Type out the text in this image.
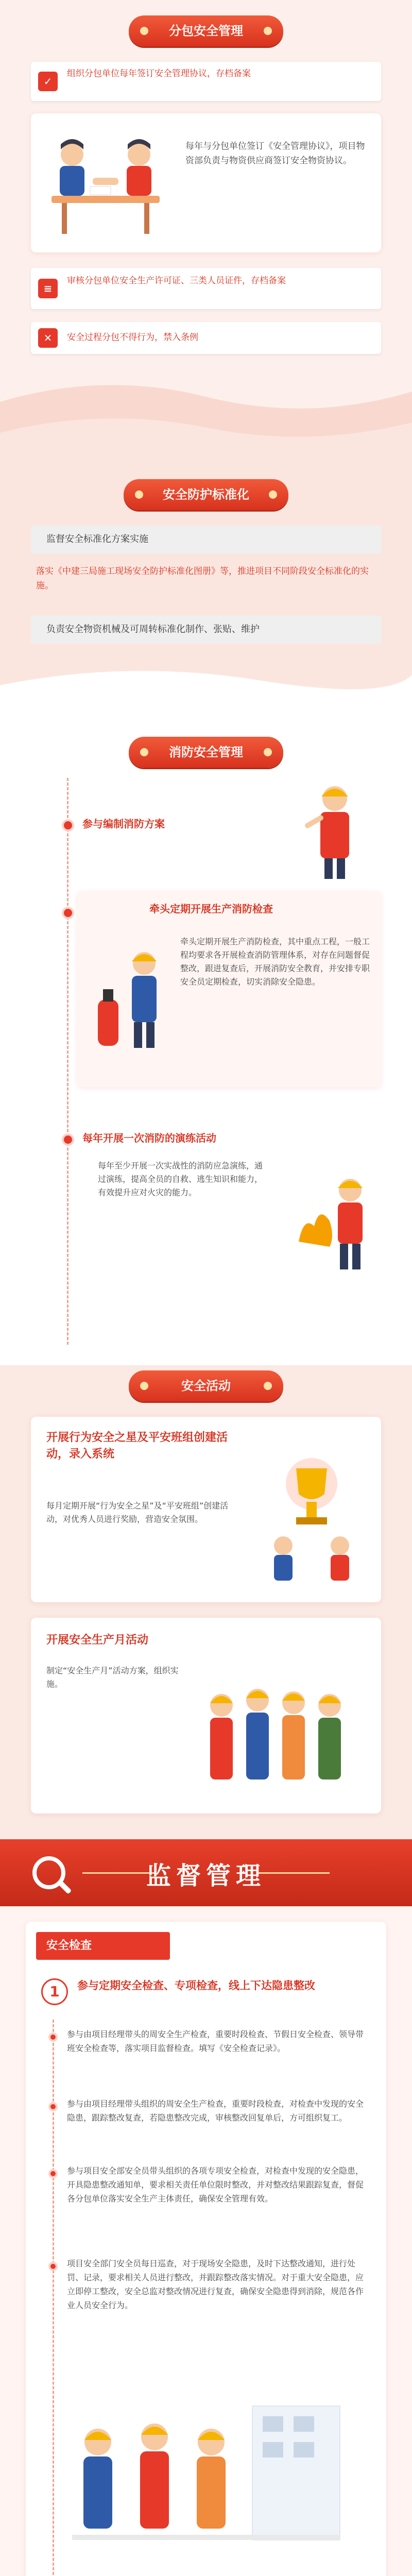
分包安全管理
✓
组织分包单位每年签订安全管理协议，存档备案
每年与分包单位签订《安全管理协议》，项目物资部负责与物资供应商签订安全物资协议。
≡
审核分包单位安全生产许可证、三类人员证件，存档备案
✕	安全过程分包不得行为，禁入条例
安全防护标准化
监督安全标准化方案实施
落实《中建三局施工现场安全防护标准化图册》等，推进项目不同阶段安全标准化的实施。
负责安全物资机械及可周转标准化制作、张贴、维护
消防安全管理
参与编制消防方案
牵头定期开展生产消防检查
牵头定期开展生产消防检查，其中重点工程，一般工程均要求各开展检查消防管理体系，对存在问题督促整改，跟进复查后，开展消防安全教育，并安排专职安全员定期检查，切实消除安全隐患。
每年开展一次消防的演练活动
每年至少开展一次实战性的消防应急演练，通过演练，提高全员的自救、逃生知识和能力，有效提升应对火灾的能力。
安全活动
开展行为安全之星及平安班组创建活动，录入系统
每月定期开展“行为安全之星”及“平安班组”创建活动，对优秀人员进行奖励，营造安全氛围。
开展安全生产月活动
制定“安全生产月”活动方案，组织实施。
监督管理
安全检查
1	参与定期安全检查、专项检查，线上下达隐患整改
参与由项目经理带头的周安全生产检查，重要时段检查、节假日安全检查、领导带班安全检查等，落实项目监督检查。填写《安全检查记录》。
参与由项目经理带头组织的周安全生产检查，重要时段检查，对检查中发现的安全隐患，跟踪整改复查，若隐患整改完成，审核整改回复单后，方可组织复工。
参与项目安全部安全员带头组织的各项专项安全检查，对检查中发现的安全隐患，开具隐患整改通知单，要求相关责任单位限时整改，并对整改结果跟踪复查，督促各分包单位落实安全生产主体责任，确保安全管理有效。
项目安全部门安全员每日巡查，对于现场安全隐患，及时下达整改通知，进行处罚、记录，要求相关人员进行整改，并跟踪整改落实情况。对于重大安全隐患，应立即停工整改，安全总监对整改情况进行复查，确保安全隐患得到消除，规范各作业人员安全行为。
